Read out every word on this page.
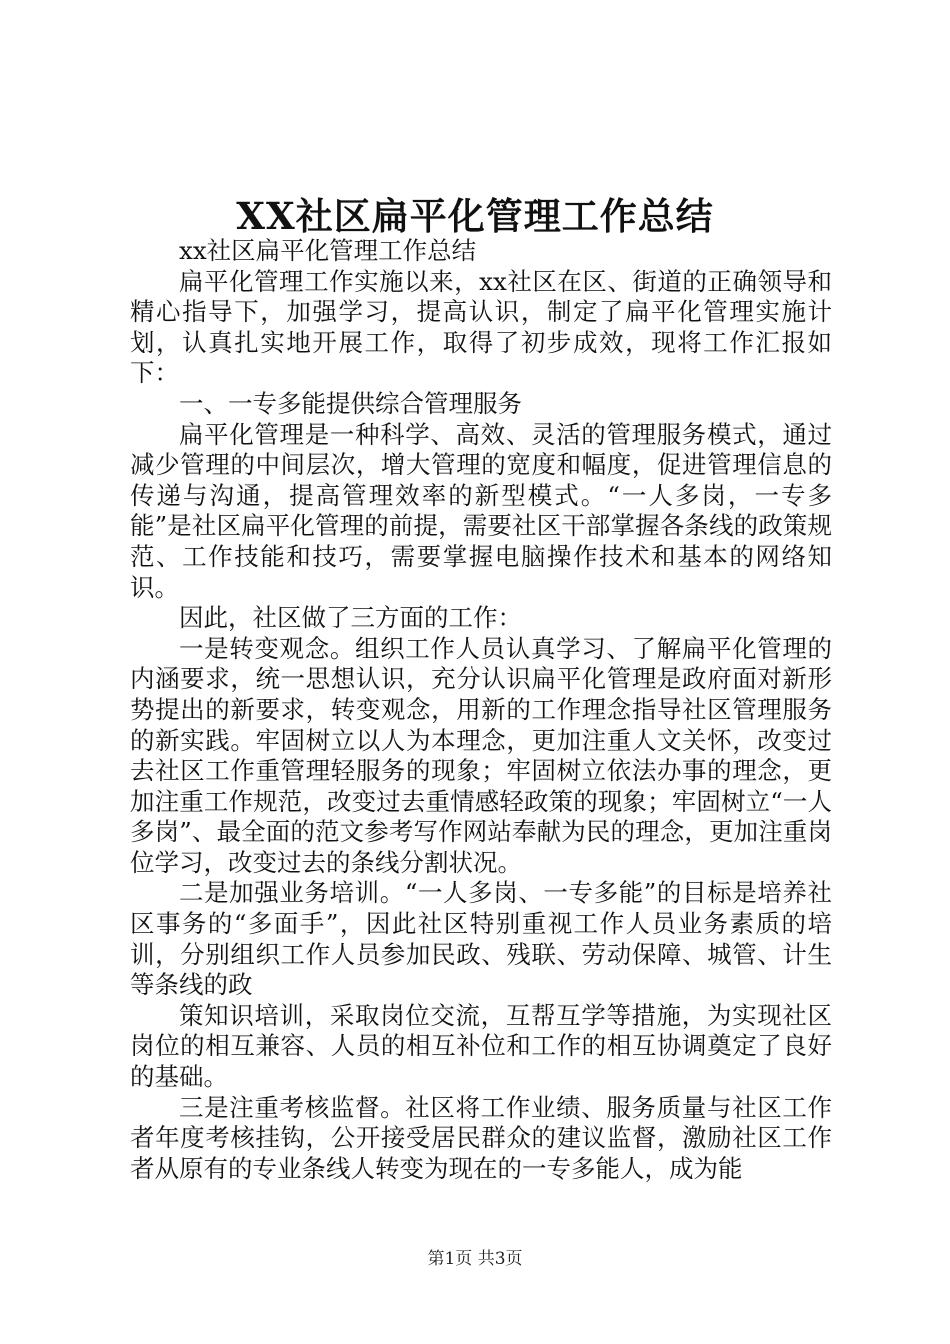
XX社区扁平化管理工作总结

xx社区扁平化管理工作总结

扁平化管理工作实施以来，xx社区在区、街道的正确领导和精心指导下，加强学习，提高认识，制定了扁平化管理实施计划，认真扎实地开展工作，取得了初步成效，现将工作汇报如下：

一、一专多能提供综合管理服务

扁平化管理是一种科学、高效、灵活的管理服务模式，通过减少管理的中间层次，增大管理的宽度和幅度，促进管理信息的传递与沟通，提高管理效率的新型模式。“一人多岗，一专多能”是社区扁平化管理的前提，需要社区干部掌握各条线的政策规范、工作技能和技巧，需要掌握电脑操作技术和基本的网络知识。

因此，社区做了三方面的工作：

一是转变观念。组织工作人员认真学习、了解扁平化管理的内涵要求，统一思想认识，充分认识扁平化管理是政府面对新形势提出的新要求，转变观念，用新的工作理念指导社区管理服务的新实践。牢固树立以人为本理念，更加注重人文关怀，改变过去社区工作重管理轻服务的现象；牢固树立依法办事的理念，更加注重工作规范，改变过去重情感轻政策的现象；牢固树立“一人多岗”、最全面的范文参考写作网站奉献为民的理念，更加注重岗位学习，改变过去的条线分割状况。

二是加强业务培训。“一人多岗、一专多能”的目标是培养社区事务的“多面手”，因此社区特别重视工作人员业务素质的培训，分别组织工作人员参加民政、残联、劳动保障、城管、计生等条线的政

策知识培训，采取岗位交流，互帮互学等措施，为实现社区岗位的相互兼容、人员的相互补位和工作的相互协调奠定了良好的基础。

三是注重考核监督。社区将工作业绩、服务质量与社区工作者年度考核挂钩，公开接受居民群众的建议监督，激励社区工作者从原有的专业条线人转变为现在的一专多能人，成为能

第1页 共3页
